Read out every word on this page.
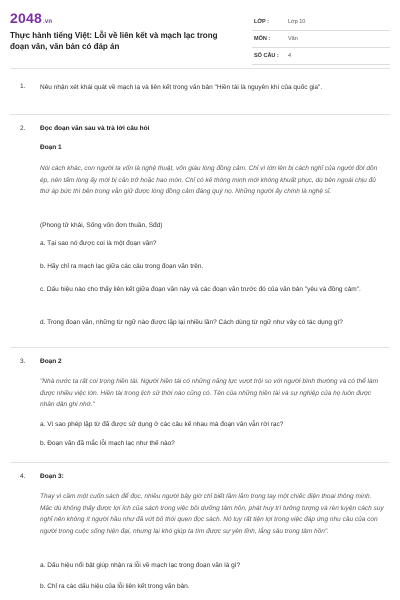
2048.vn
Thực hành tiếng Việt: Lỗi về liên kết và mạch lạc trong đoạn văn, văn bản có đáp án
LỚP :	Lớp 10
MÔN :	Văn
SỐ CÂU : 4
1. Nêu nhận xét khái quát về mạch lạ và liên kết trong văn bản "Hiền tài là nguyên khí của quốc gia".
2. Đọc đoạn văn sau và trả lời câu hỏi
Đoạn 1
Nói cách khác, con người ta vốn là nghệ thuật, vốn giàu lòng đồng cảm. Chỉ vì lớn lên bị cách nghĩ của người đời dồn ép, nên tấm lòng ấy mới bị cản trở hoặc hao mòn. Chỉ có kẻ thông minh mới không khuất phục, dù bên ngoài chịu đủ thứ áp bức thì bên trong vẫn giữ được lòng đồng cảm đáng quý nọ. Những người ấy chính là nghệ sĩ.
(Phong tử khải, Sống vốn đơn thuần, Sđd)
a. Tại sao nó được coi là một đoạn văn?
b. Hãy chỉ ra mạch lạc giữa các câu trong đoạn văn trên.
c. Dấu hiệu nào cho thấy liên kết giữa đoạn văn này và các đoạn văn trước đó của văn bản "yêu và đồng cảm".
d. Trong đoạn văn, những từ ngữ nào được lặp lại nhiều lần? Cách dùng từ ngữ như vậy có tác dụng gì?
3. Đoạn 2
"Nhà nước ta rất coi trọng hiền tài. Người hiền tài có những năng lực vượt trội so với người bình thường và có thể làm được nhiều việc lớn. Hiền tài trong lịch sử thời nào cũng có. Tên của những hiền tài và sự nghiệp của họ luôn được nhân dân ghi nhớ."
a. Vì sao phép lặp từ đã được sử dụng ở các câu kế nhau mà đoạn văn vẫn rời rạc?
b. Đoạn văn đã mắc lỗi mạch lạc như thế nào?
4. Đoạn 3:
Thay vì cầm một cuốn sách để đọc, nhiều người bây giờ chỉ biết lăm lăm trong tay một chiếc điện thoại thông minh. Mặc dù không thấy được lợi ích của sách trong việc bồi dưỡng tâm hồn, phát huy trí tưởng tượng và rèn luyện cách suy nghĩ nên không ít người hầu như đã vứt bỏ thói quen đọc sách. Nó tuy rất tiện lợi trong việc đáp ứng nhu cầu của con người trong cuộc sống hiện đại, nhưng lại khó giúp ta tìm được sự yên tĩnh, lắng sâu trong tâm hồn".
a. Dấu hiệu nổi bật giúp nhận ra lỗi về mạch lạc trong đoạn văn là gì?
b. Chỉ ra các dấu hiệu của lỗi liên kết trong văn bản.
